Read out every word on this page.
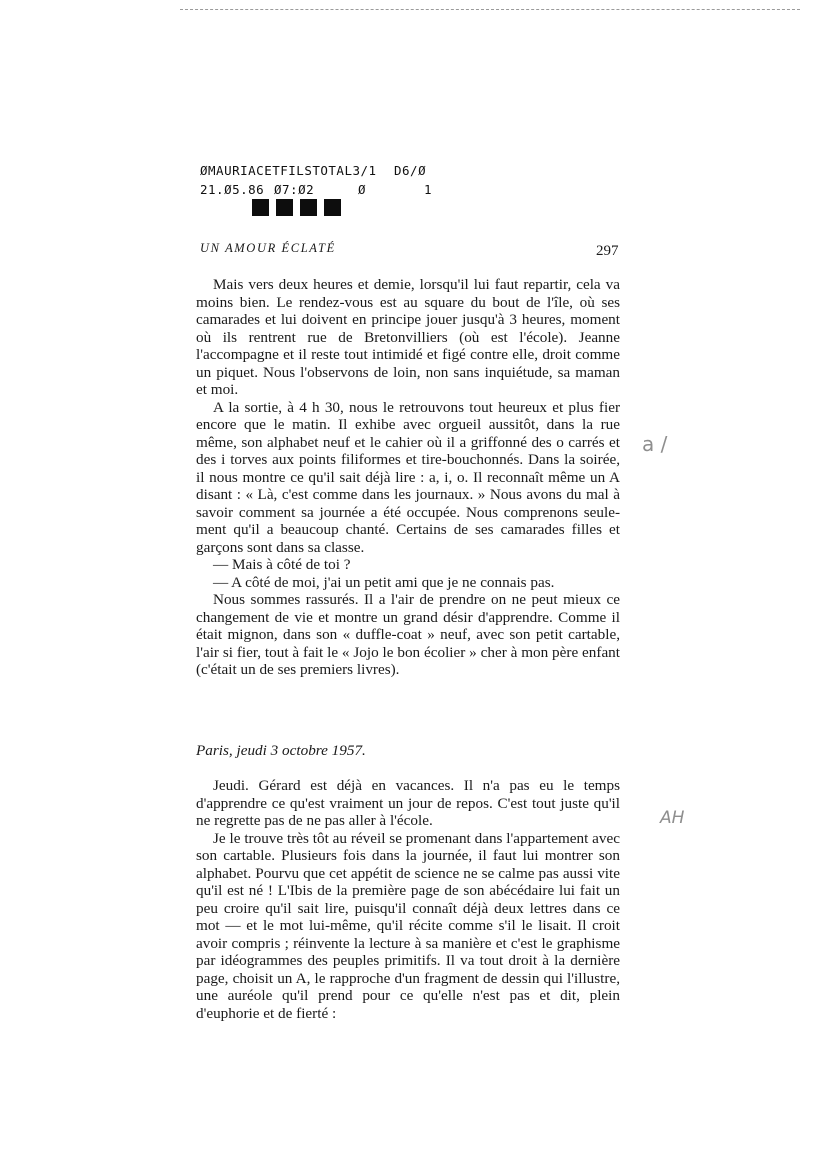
ØMAURIACETFILSTOTAL3/1 D6/Ø
21.Ø5.86 Ø7:Ø2	Ø	1
UN AMOUR ÉCLATÉ	297

Mais vers deux heures et demie, lorsqu'il lui faut repartir, cela va moins bien. Le rendez-vous est au square du bout de l'île, où ses camarades et lui doivent en principe jouer jusqu'à 3 heures, moment où ils rentrent rue de Bretonvilliers (où est l'école). Jeanne l'accompagne et il reste tout intimidé et figé contre elle, droit comme un piquet. Nous l'observons de loin, non sans inquiétude, sa maman et moi.

A la sortie, à 4 h 30, nous le retrouvons tout heureux et plus fier encore que le matin. Il exhibe avec orgueil aussitôt, dans la rue même, son alphabet neuf et le cahier où il a griffonné des o carrés et des i torves aux points filiformes et tire-bouchonnés. Dans la soirée, il nous montre ce qu'il sait déjà lire : a, i, o. Il reconnaît même un A disant : « Là, c'est comme dans les journaux. » Nous avons du mal à savoir comment sa journée a été occupée. Nous comprenons seulement qu'il a beaucoup chanté. Certains de ses camarades filles et garçons sont dans sa classe.

— Mais à côté de toi ?

— A côté de moi, j'ai un petit ami que je ne connais pas.

Nous sommes rassurés. Il a l'air de prendre on ne peut mieux ce changement de vie et montre un grand désir d'apprendre. Comme il était mignon, dans son « duffle-coat » neuf, avec son petit cartable, l'air si fier, tout à fait le « Jojo le bon écolier » cher à mon père enfant (c'était un de ses premiers livres).

Paris, jeudi 3 octobre 1957.

Jeudi. Gérard est déjà en vacances. Il n'a pas eu le temps d'apprendre ce qu'est vraiment un jour de repos. C'est tout juste qu'il ne regrette pas de ne pas aller à l'école.

Je le trouve très tôt au réveil se promenant dans l'appartement avec son cartable. Plusieurs fois dans la journée, il faut lui montrer son alphabet. Pourvu que cet appétit de science ne se calme pas aussi vite qu'il est né ! L'Ibis de la première page de son abécédaire lui fait un peu croire qu'il sait lire, puisqu'il connaît déjà deux lettres dans ce mot — et le mot lui-même, qu'il récite comme s'il le lisait. Il croit avoir compris ; réinvente la lecture à sa manière et c'est le graphisme par idéogrammes des peuples primitifs. Il va tout droit à la dernière page, choisit un A, le rapproche d'un fragment de dessin qui l'illustre, une auréole qu'il prend pour ce qu'elle n'est pas et dit, plein d'euphorie et de fierté :

a /
AH
